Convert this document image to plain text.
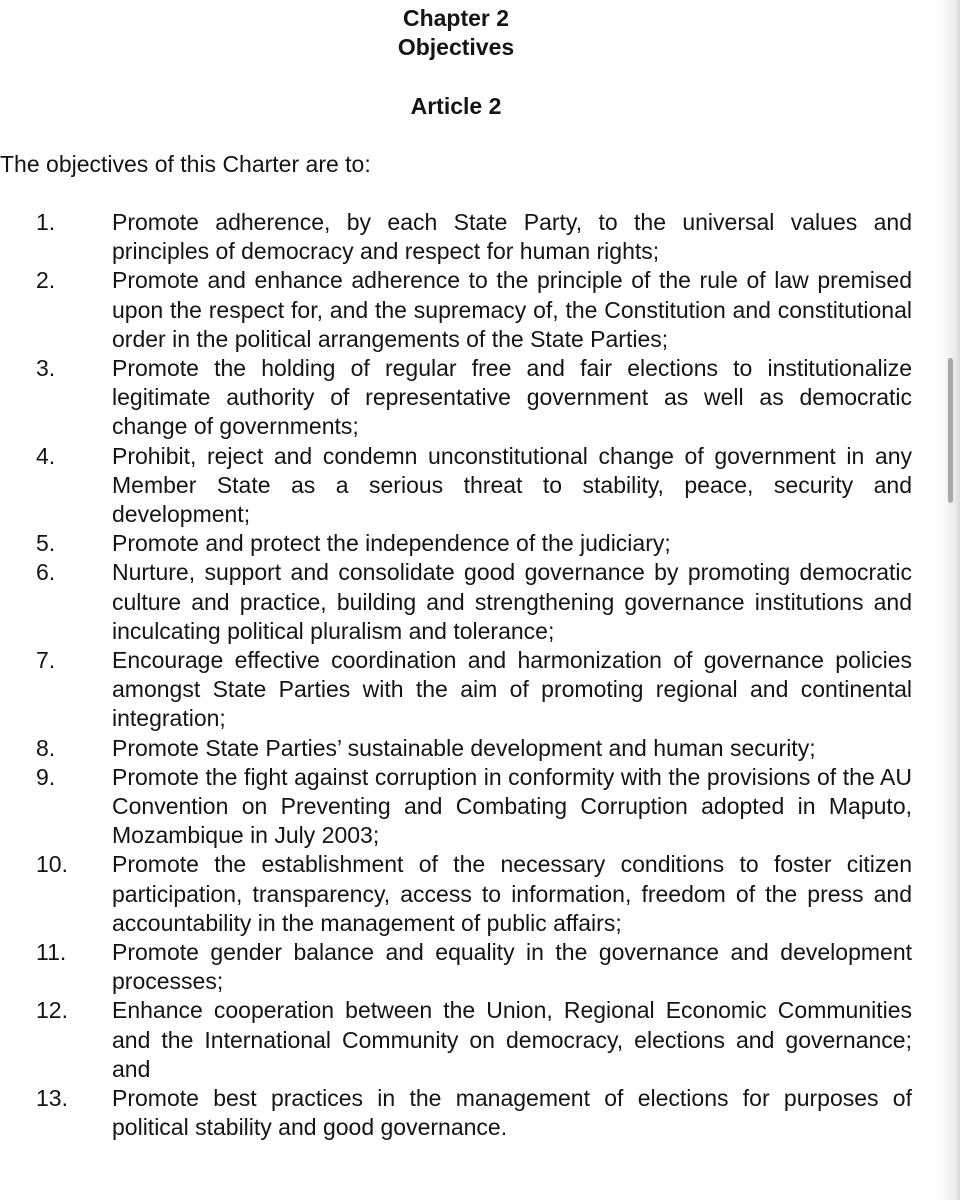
Chapter 2
Objectives
Article 2
The objectives of this Charter are to:
1.	Promote adherence, by each State Party, to the universal values and principles of democracy and respect for human rights;
2.	Promote and enhance adherence to the principle of the rule of law premised upon the respect for, and the supremacy of, the Constitution and constitutional order in the political arrangements of the State Parties;
3.	Promote the holding of regular free and fair elections to institutionalize legitimate authority of representative government as well as democratic change of governments;
4.	Prohibit, reject and condemn unconstitutional change of government in any Member State as a serious threat to stability, peace, security and development;
5.	Promote and protect the independence of the judiciary;
6.	Nurture, support and consolidate good governance by promoting democratic culture and practice, building and strengthening governance institutions and inculcating political pluralism and tolerance;
7.	Encourage effective coordination and harmonization of governance policies amongst State Parties with the aim of promoting regional and continental integration;
8.	Promote State Parties’ sustainable development and human security;
9.	Promote the fight against corruption in conformity with the provisions of the AU Convention on Preventing and Combating Corruption adopted in Maputo, Mozambique in July 2003;
10.	Promote the establishment of the necessary conditions to foster citizen participation, transparency, access to information, freedom of the press and accountability in the management of public affairs;
11.	Promote gender balance and equality in the governance and development processes;
12.	Enhance cooperation between the Union, Regional Economic Communities and the International Community on democracy, elections and governance; and
13.	Promote best practices in the management of elections for purposes of political stability and good governance.
